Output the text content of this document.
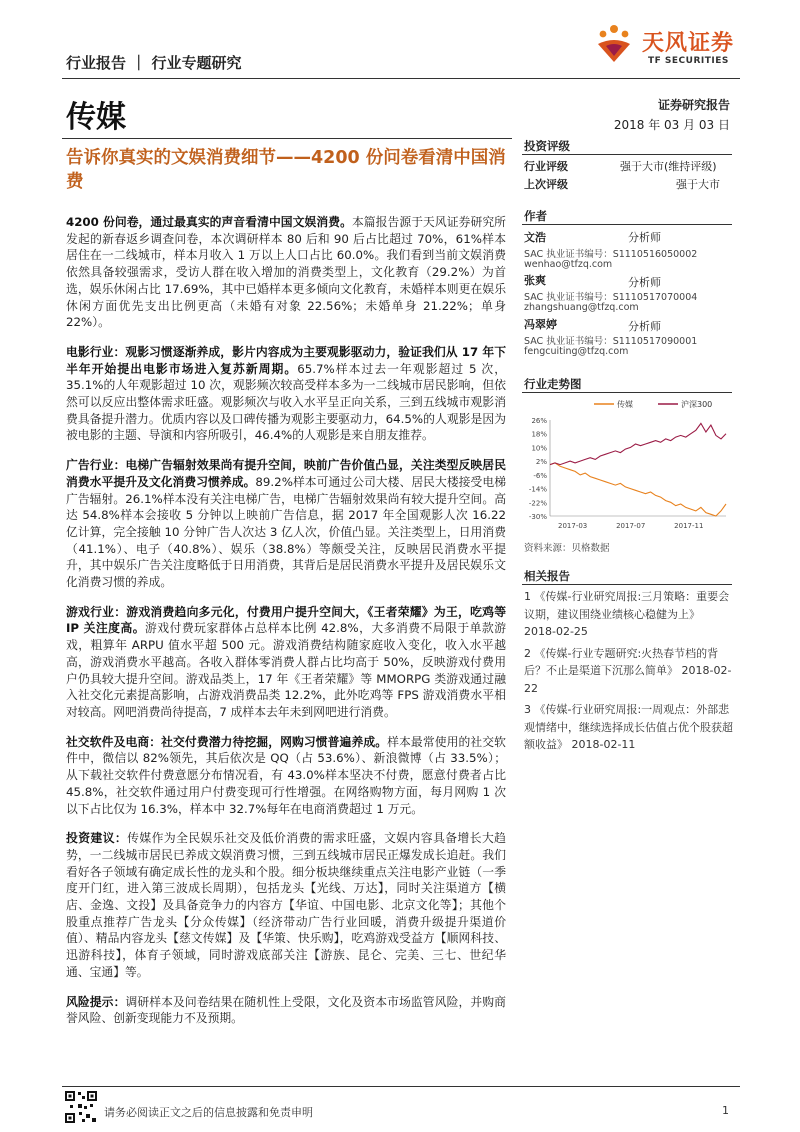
行业报告 ｜ 行业专题研究
天风证券
TF SECURITIES
传媒	证券研究报告
2018 年 03 月 03 日
告诉你真实的文娱消费细节——4200 份问卷看清中国消费
投资评级
行业评级	强于大市(维持评级)
上次评级	强于大市
作者
文浩	分析师
SAC 执业证书编号：S1110516050002
wenhao@tfzq.com
张爽	分析师
SAC 执业证书编号：S1110517070004
zhangshuang@tfzq.com
冯翠婷	分析师
SAC 执业证书编号：S1110517090001
fengcuiting@tfzq.com
行业走势图
26%
18%
10%
2%
-6%
-14%
-22%
-30%
2017-03	2017-07	2017-11
传媒	沪深300
资料来源：贝格数据
相关报告
1 《传媒-行业研究周报:三月策略：重要会议期，建议围绕业绩核心稳健为上》 2018-02-25
2 《传媒-行业专题研究:火热春节档的背后？不止是渠道下沉那么简单》 2018-02-22
3 《传媒-行业研究周报:一周观点：外部悲观情绪中，继续选择成长估值占优个股获超额收益》 2018-02-11

4200 份问卷，通过最真实的声音看清中国文娱消费。本篇报告源于天风证券研究所发起的新春返乡调查问卷，本次调研样本 80 后和 90 后占比超过 70%，61%样本居住在一二线城市，样本月收入 1 万以上人口占比 60.0%。我们看到当前文娱消费依然具备较强需求，受访人群在收入增加的消费类型上，文化教育（29.2%）为首选，娱乐休闲占比 17.69%，其中已婚样本更多倾向文化教育，未婚样本则更在娱乐休闲方面优先支出比例更高（未婚有对象 22.56%；未婚单身 21.22%；单身 22%）。

电影行业：观影习惯逐渐养成，影片内容成为主要观影驱动力，验证我们从 17 年下半年开始提出电影市场进入复苏新周期。65.7%样本过去一年观影超过 5 次，35.1%的人年观影超过 10 次，观影频次较高受样本多为一二线城市居民影响，但依然可以反应出整体需求旺盛。观影频次与收入水平呈正向关系，三到五线城市观影消费具备提升潜力。优质内容以及口碑传播为观影主要驱动力，64.5%的人观影是因为被电影的主题、导演和内容所吸引，46.4%的人观影是来自朋友推荐。

广告行业：电梯广告辐射效果尚有提升空间，映前广告价值凸显，关注类型反映居民消费水平提升及文化消费习惯养成。89.2%样本可通过公司大楼、居民大楼接受电梯广告辐射。26.1%样本没有关注电梯广告，电梯广告辐射效果尚有较大提升空间。高达 54.8%样本会接收 5 分钟以上映前广告信息，据 2017 年全国观影人次 16.22 亿计算，完全接触 10 分钟广告人次达 3 亿人次，价值凸显。关注类型上，日用消费（41.1%）、电子（40.8%）、娱乐（38.8%）等颇受关注，反映居民消费水平提升，其中娱乐广告关注度略低于日用消费，其背后是居民消费水平提升及居民娱乐文化消费习惯的养成。

游戏行业：游戏消费趋向多元化，付费用户提升空间大，《王者荣耀》为王，吃鸡等 IP 关注度高。游戏付费玩家群体占总样本比例 42.8%，大多消费不局限于单款游戏，粗算年 ARPU 值水平超 500 元。游戏消费结构随家庭收入变化，收入水平越高，游戏消费水平越高。各收入群体零消费人群占比均高于 50%，反映游戏付费用户仍具较大提升空间。游戏品类上，17 年《王者荣耀》等 MMORPG 类游戏通过融入社交化元素提高影响，占游戏消费品类 12.2%，此外吃鸡等 FPS 游戏消费水平相对较高。网吧消费尚待提高，7 成样本去年未到网吧进行消费。

社交软件及电商：社交付费潜力待挖掘，网购习惯普遍养成。样本最常使用的社交软件中，微信以 82%领先，其后依次是 QQ（占 53.6%）、新浪微博（占 33.5%）；从下载社交软件付费意愿分布情况看，有 43.0%样本坚决不付费，愿意付费者占比 45.8%，社交软件通过用户付费变现可行性增强。在网络购物方面，每月网购 1 次以下占比仅为 16.3%，样本中 32.7%每年在电商消费超过 1 万元。

投资建议：传媒作为全民娱乐社交及低价消费的需求旺盛，文娱内容具备增长大趋势，一二线城市居民已养成文娱消费习惯，三到五线城市居民正爆发成长追赶。我们看好各子领域有确定成长性的龙头和个股。细分板块继续重点关注电影产业链（一季度开门红，进入第三波成长周期），包括龙头【光线、万达】，同时关注渠道方【横店、金逸、文投】及具备竞争力的内容方【华谊、中国电影、北京文化等】；其他个股重点推荐广告龙头【分众传媒】（经济带动广告行业回暖，消费升级提升渠道价值）、精品内容龙头【慈文传媒】及【华策、快乐购】，吃鸡游戏受益方【顺网科技、迅游科技】，体育子领域，同时游戏底部关注【游族、昆仑、完美、三七、世纪华通、宝通】等。

风险提示：调研样本及问卷结果在随机性上受限，文化及资本市场监管风险，并购商誉风险、创新变现能力不及预期。

请务必阅读正文之后的信息披露和免责申明	1
